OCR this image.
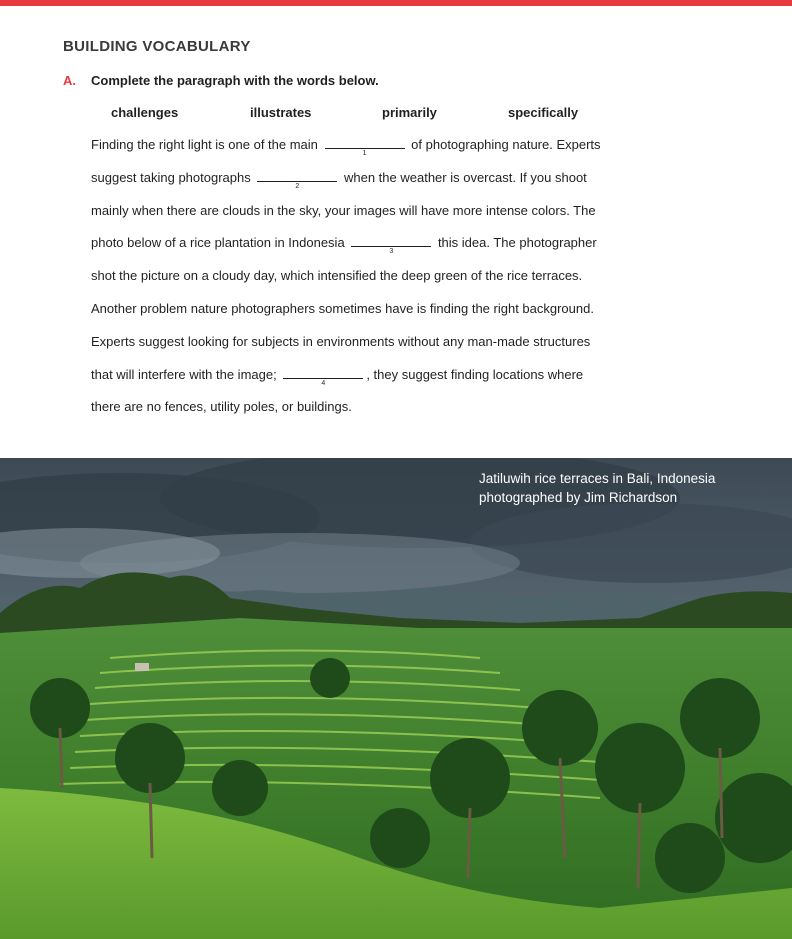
BUILDING VOCABULARY
A. Complete the paragraph with the words below.
challenges	illustrates	primarily	specifically
Finding the right light is one of the main
1
of photographing nature. Experts
suggest taking photographs
2
when the weather is overcast. If you shoot
mainly when there are clouds in the sky, your images will have more intense colors. The
photo below of a rice plantation in Indonesia
3
this idea. The photographer
shot the picture on a cloudy day, which intensified the deep green of the rice terraces.
Another problem nature photographers sometimes have is finding the right background.
Experts suggest looking for subjects in environments without any man-made structures
that will interfere with the image;
4
, they suggest finding locations where
there are no fences, utility poles, or buildings.
Jatiluwih rice terraces in Bali, Indonesia
photographed by Jim Richardson
